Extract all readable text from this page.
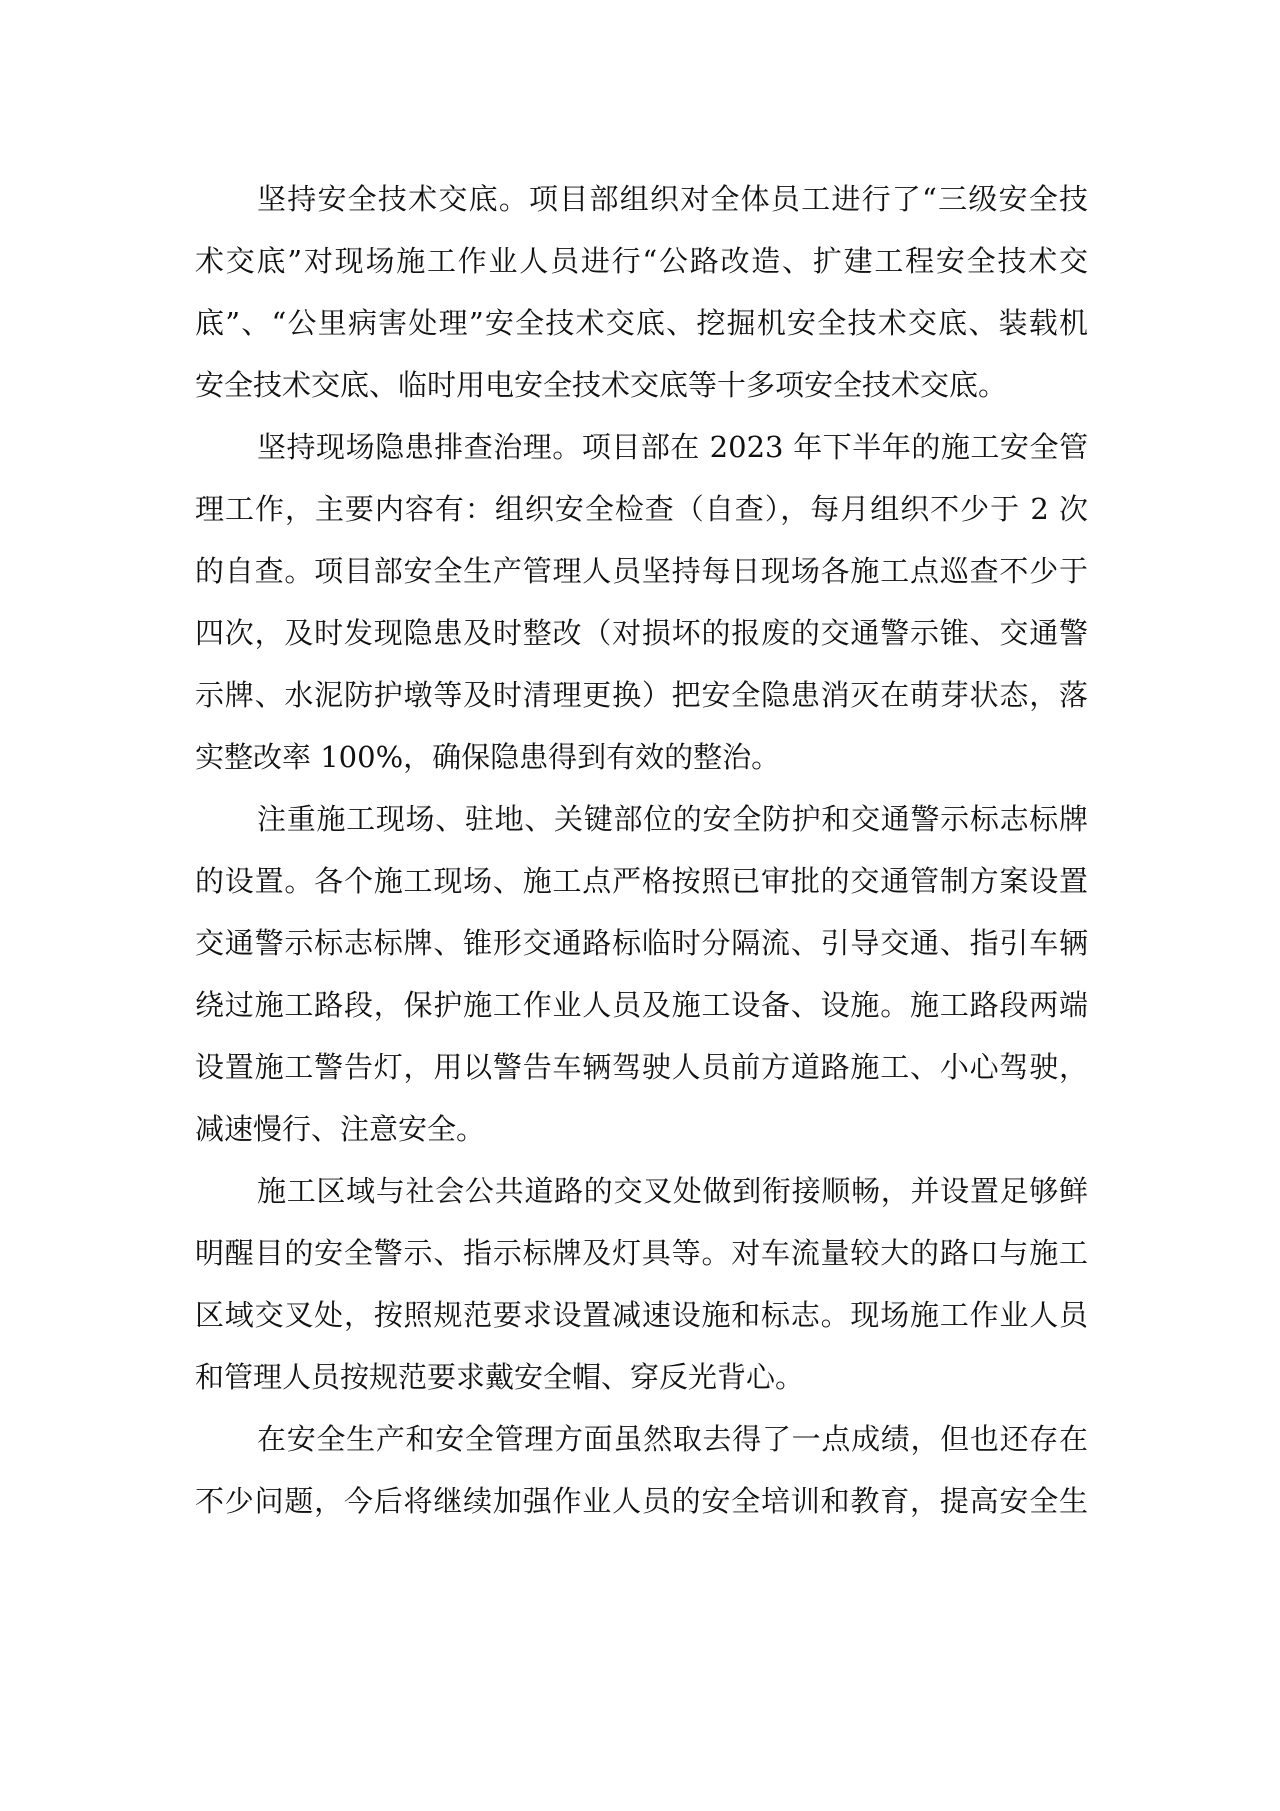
坚持安全技术交底。项目部组织对全体员工进行了“三级安全技
术交底”对现场施工作业人员进行“公路改造、扩建工程安全技术交
底”、“公里病害处理”安全技术交底、挖掘机安全技术交底、装载机
安全技术交底、临时用电安全技术交底等十多项安全技术交底。

坚持现场隐患排查治理。项目部在 2023 年下半年的施工安全管
理工作，主要内容有：组织安全检查（自查），每月组织不少于 2 次
的自查。项目部安全生产管理人员坚持每日现场各施工点巡查不少于
四次，及时发现隐患及时整改（对损坏的报废的交通警示锥、交通警
示牌、水泥防护墩等及时清理更换）把安全隐患消灭在萌芽状态，落
实整改率 100%，确保隐患得到有效的整治。

注重施工现场、驻地、关键部位的安全防护和交通警示标志标牌
的设置。各个施工现场、施工点严格按照已审批的交通管制方案设置
交通警示标志标牌、锥形交通路标临时分隔流、引导交通、指引车辆
绕过施工路段，保护施工作业人员及施工设备、设施。施工路段两端
设置施工警告灯，用以警告车辆驾驶人员前方道路施工、小心驾驶，
减速慢行、注意安全。

施工区域与社会公共道路的交叉处做到衔接顺畅，并设置足够鲜
明醒目的安全警示、指示标牌及灯具等。对车流量较大的路口与施工
区域交叉处，按照规范要求设置减速设施和标志。现场施工作业人员
和管理人员按规范要求戴安全帽、穿反光背心。

在安全生产和安全管理方面虽然取去得了一点成绩，但也还存在
不少问题，今后将继续加强作业人员的安全培训和教育，提高安全生
